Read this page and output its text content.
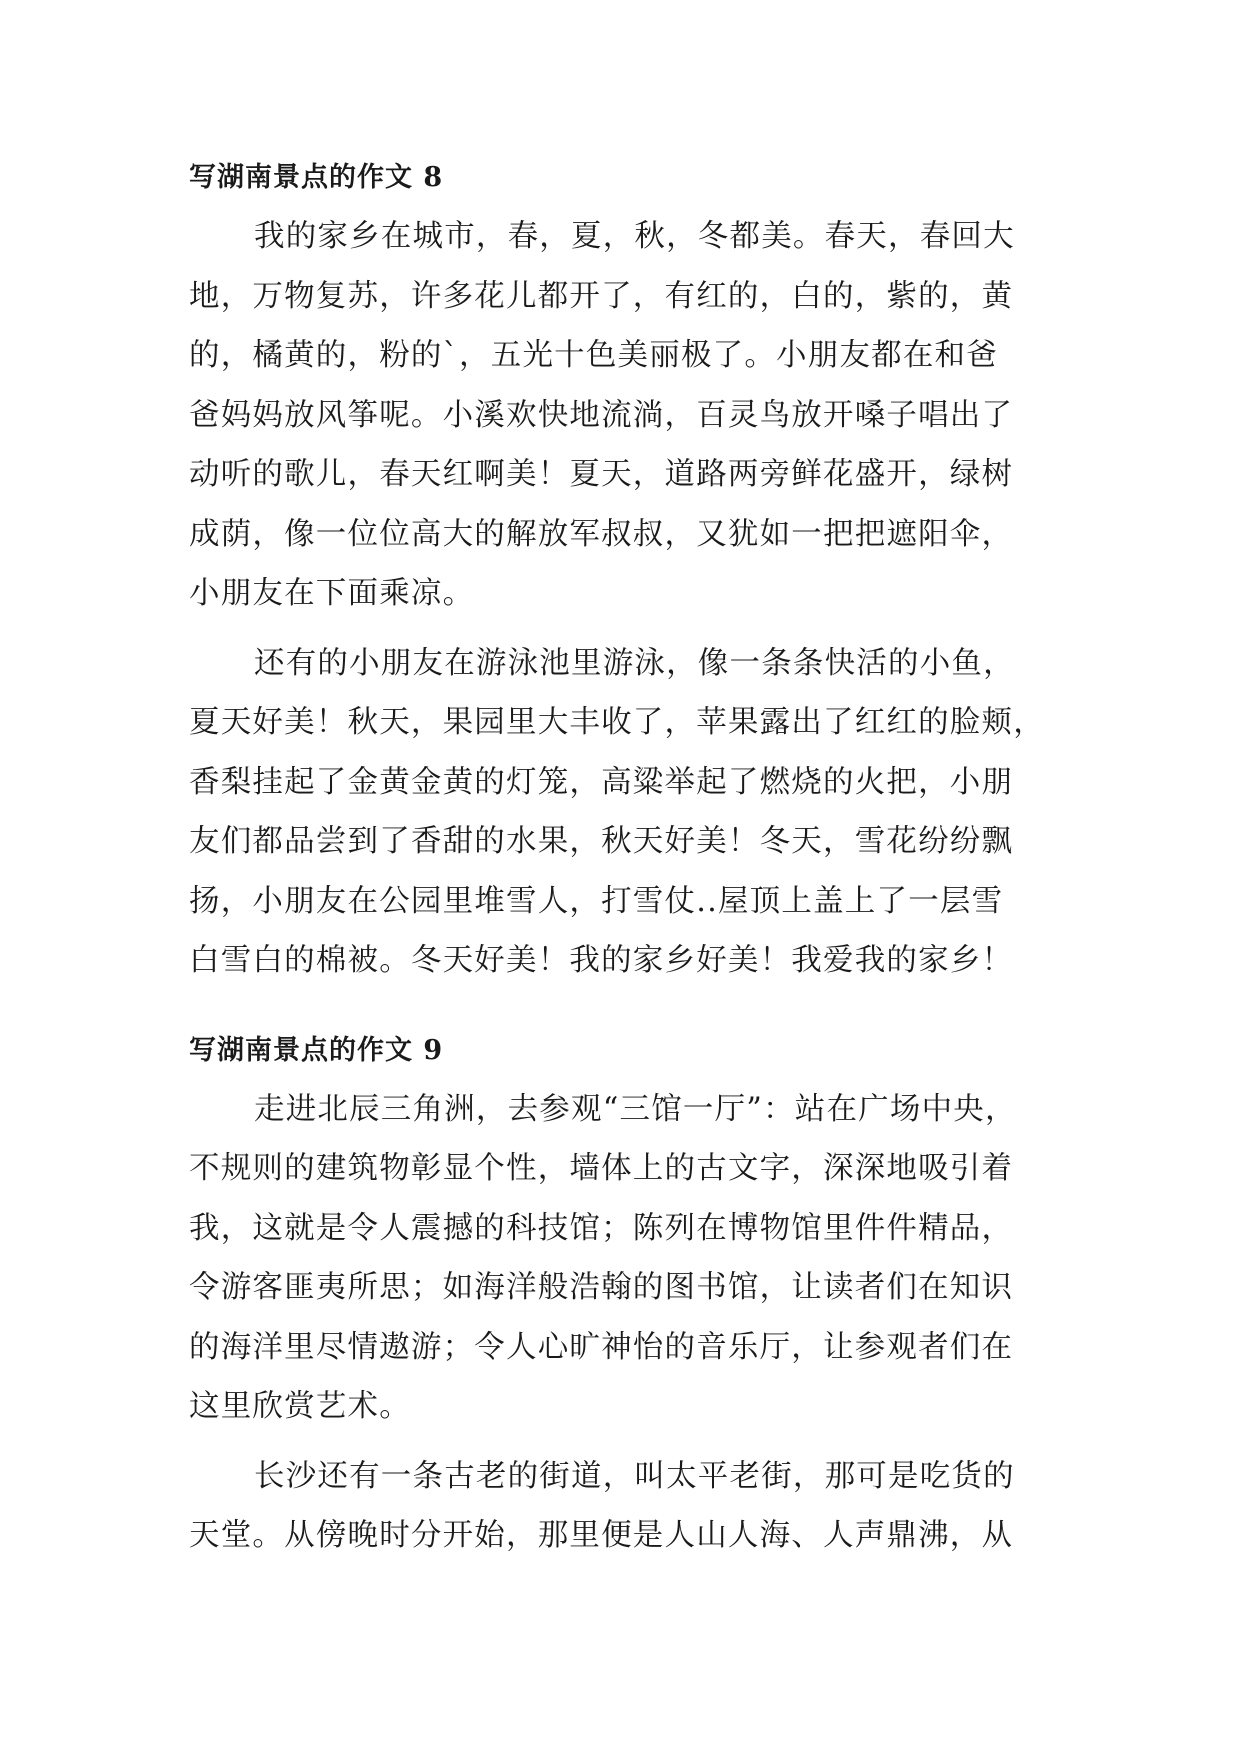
写湖南景点的作文 8

我的家乡在城市，春，夏，秋，冬都美。春天，春回大
地，万物复苏，许多花儿都开了，有红的，白的，紫的，黄
的，橘黄的，粉的`，五光十色美丽极了。小朋友都在和爸
爸妈妈放风筝呢。小溪欢快地流淌，百灵鸟放开嗓子唱出了
动听的歌儿，春天红啊美！夏天，道路两旁鲜花盛开，绿树
成荫，像一位位高大的解放军叔叔，又犹如一把把遮阳伞，
小朋友在下面乘凉。

还有的小朋友在游泳池里游泳，像一条条快活的小鱼，
夏天好美！秋天，果园里大丰收了，苹果露出了红红的脸颊，
香梨挂起了金黄金黄的灯笼，高粱举起了燃烧的火把，小朋
友们都品尝到了香甜的水果，秋天好美！冬天，雪花纷纷飘
扬，小朋友在公园里堆雪人，打雪仗..屋顶上盖上了一层雪
白雪白的棉被。冬天好美！我的家乡好美！我爱我的家乡！

写湖南景点的作文 9

走进北辰三角洲，去参观“三馆一厅”：站在广场中央，
不规则的建筑物彰显个性，墙体上的古文字，深深地吸引着
我，这就是令人震撼的科技馆；陈列在博物馆里件件精品，
令游客匪夷所思；如海洋般浩翰的图书馆，让读者们在知识
的海洋里尽情遨游；令人心旷神怡的音乐厅，让参观者们在
这里欣赏艺术。

长沙还有一条古老的街道，叫太平老街，那可是吃货的
天堂。从傍晚时分开始，那里便是人山人海、人声鼎沸，从
